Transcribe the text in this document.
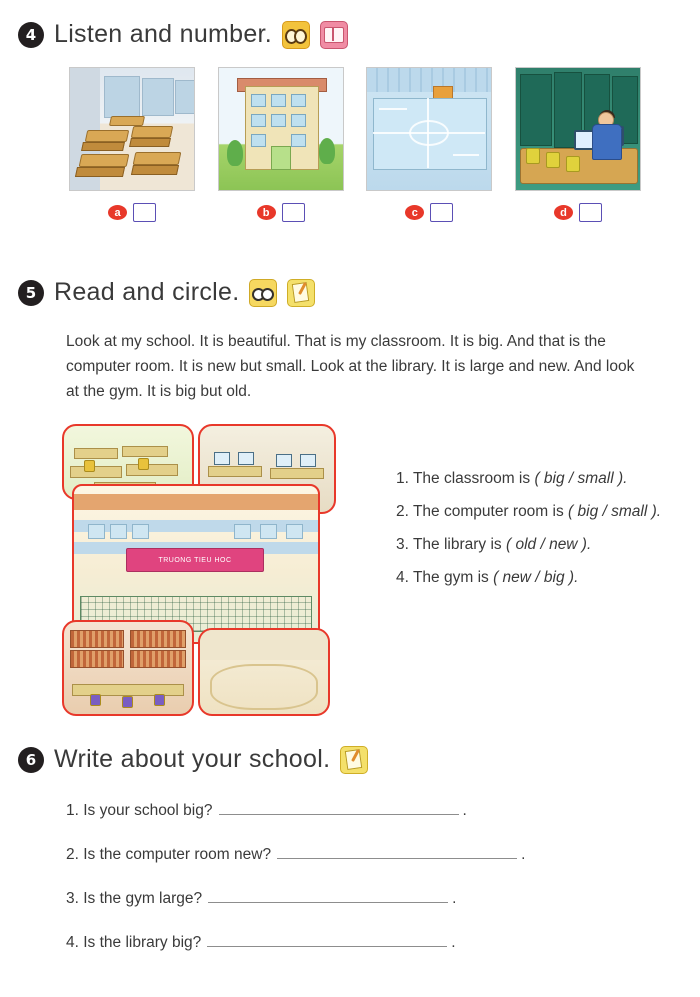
4 Listen and number.
a	b	c	d
5 Read and circle.

Look at my school. It is beautiful. That is my classroom. It is big. And that is the computer room. It is new but small. Look at the library. It is large and new. And look at the gym. It is big but old.

TRUONG TIEU HOC
1. The classroom is ( big / small ).
2. The computer room is ( big / small ).
3. The library is ( old / new ).
4. The gym is ( new / big ).
6 Write about your school.
1.
Is your school big?	.
2.
Is the computer room new?	.
3.
Is the gym large?	.
4.
Is the library big?	.
